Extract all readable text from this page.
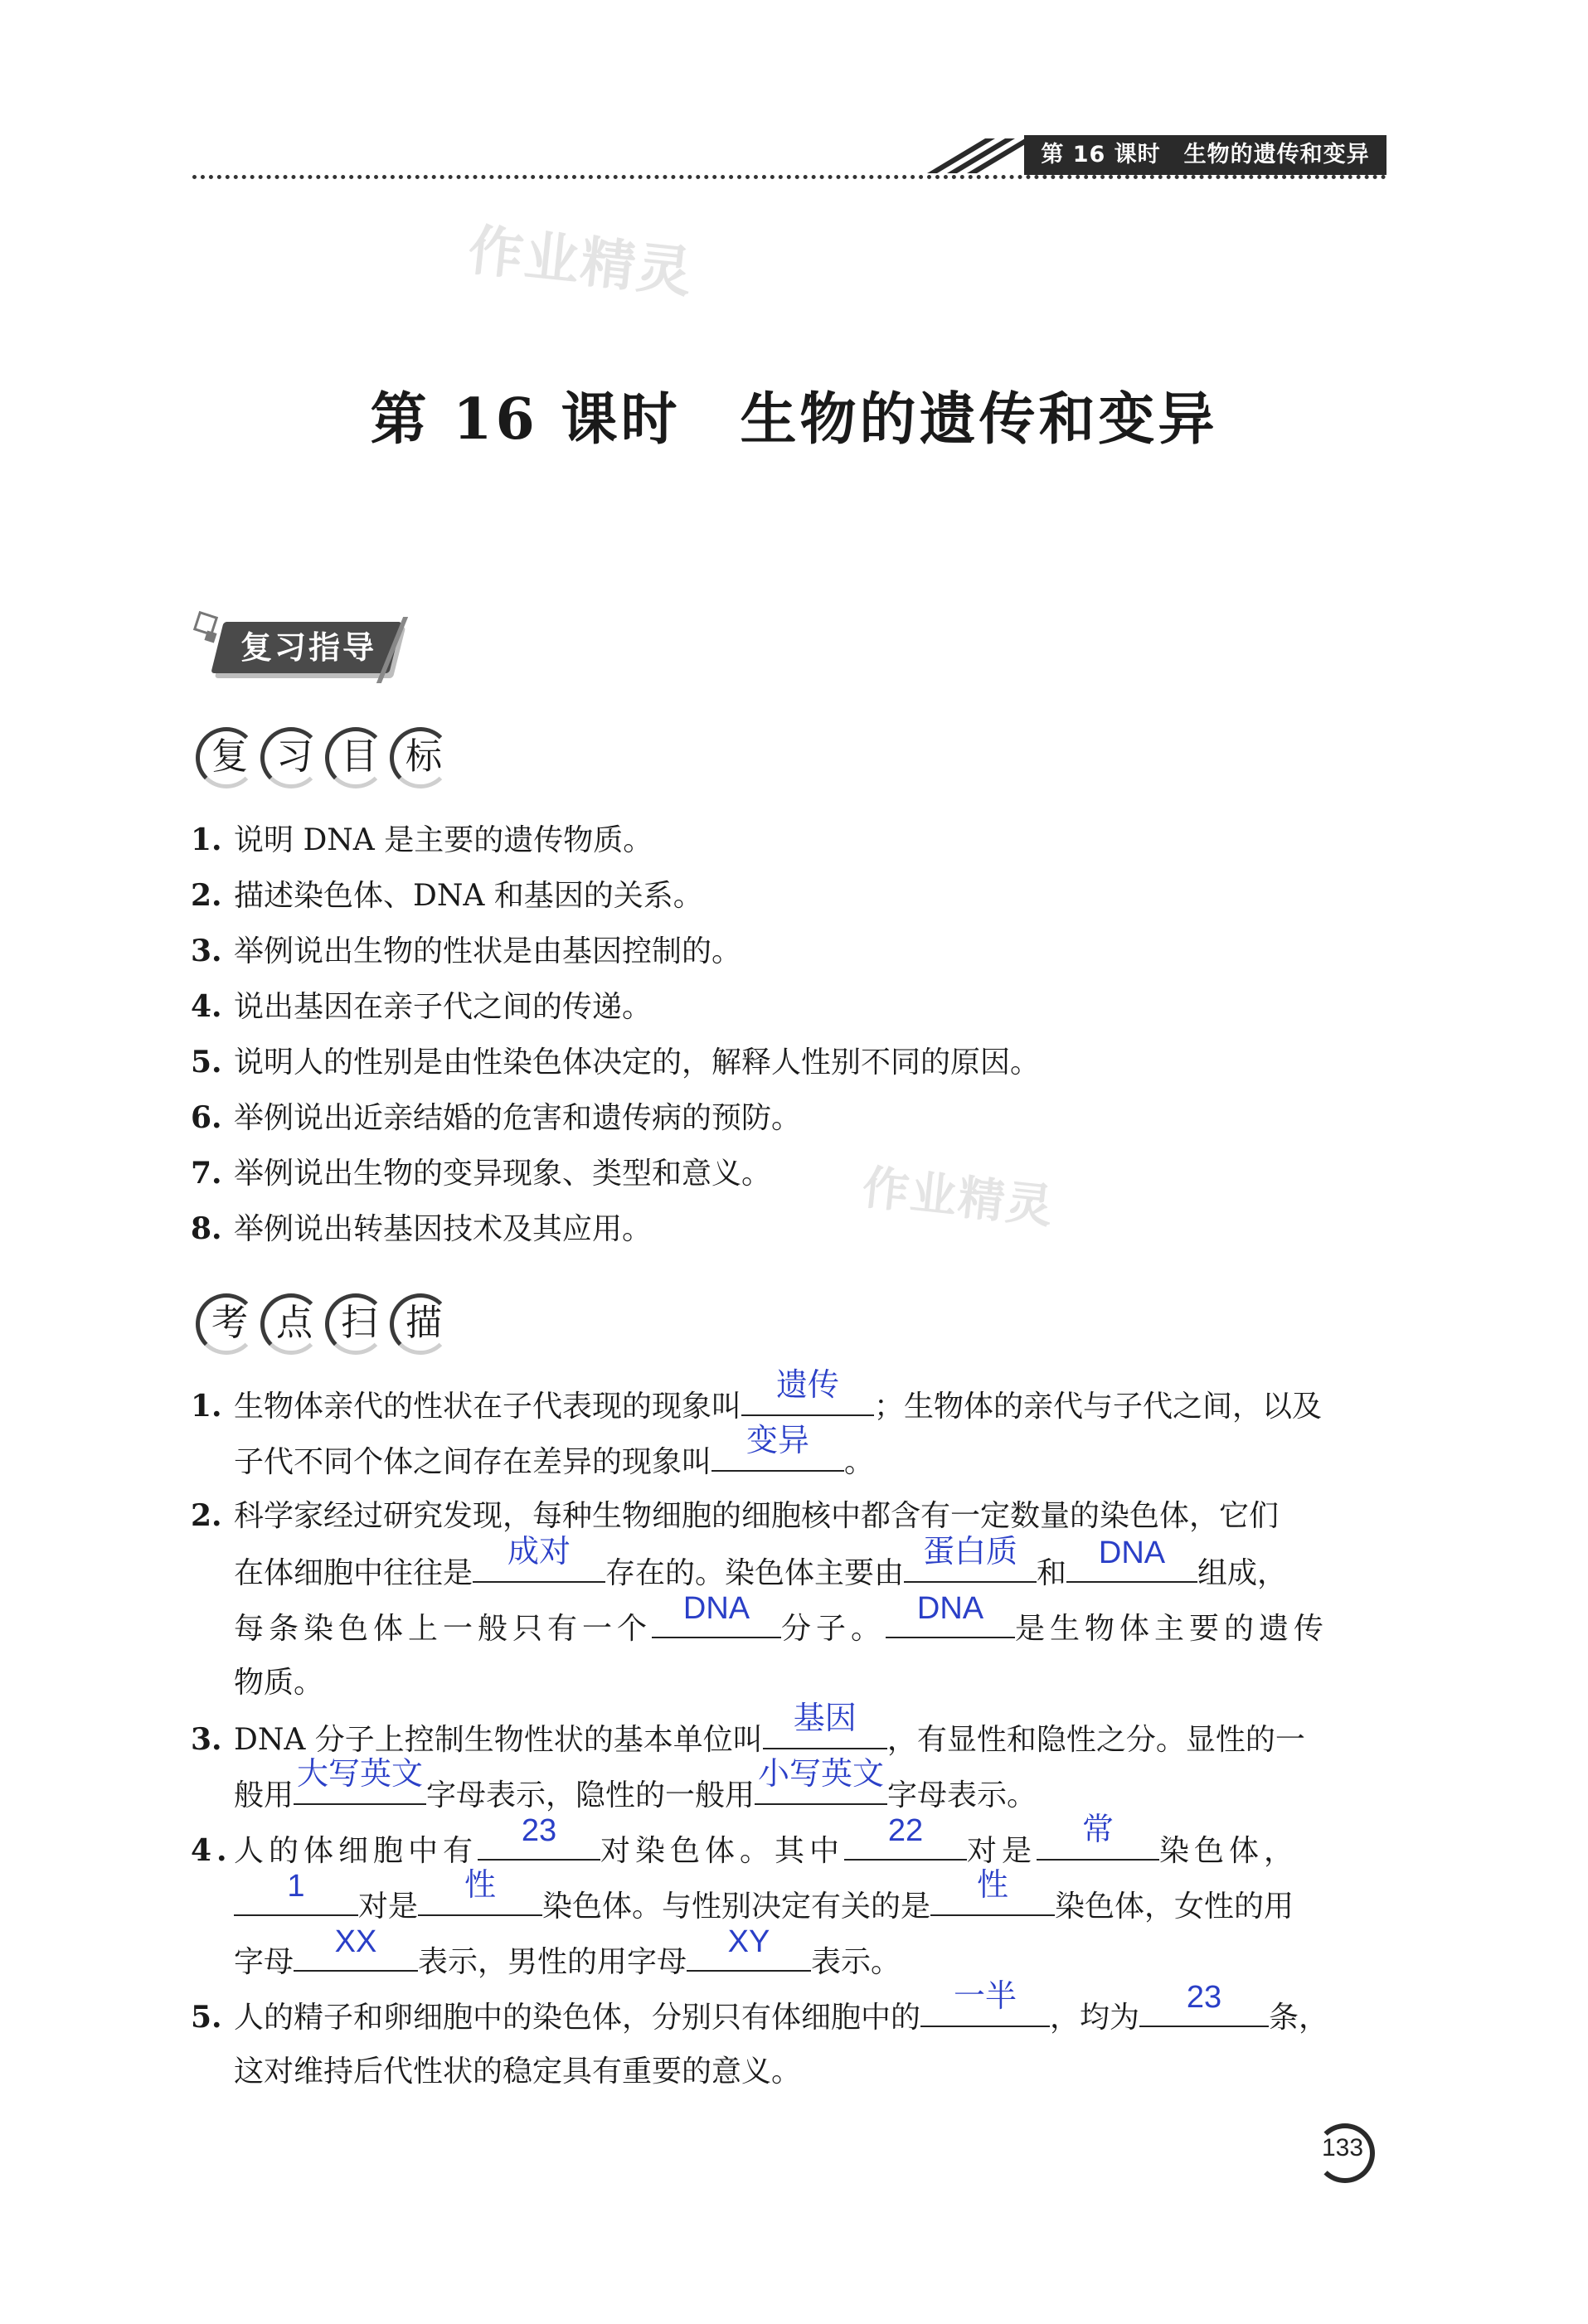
第 16 课时　生物的遗传和变异
作业精灵
作业精灵
第 16 课时　生物的遗传和变异
复习指导
复 习 目 标
1. 说明 DNA 是主要的遗传物质。
2. 描述染色体、DNA 和基因的关系。
3. 举例说出生物的性状是由基因控制的。
4. 说出基因在亲子代之间的传递。
5. 说明人的性别是由性染色体决定的，解释人性别不同的原因。
6. 举例说出近亲结婚的危害和遗传病的预防。
7. 举例说出生物的变异现象、类型和意义。
8. 举例说出转基因技术及其应用。
考 点 扫 描
1. 生物体亲代的性状在子代表现的现象叫
遗传
；生物体的亲代与子代之间，以及
子代不同个体之间存在差异的现象叫
变异
。
2. 科学家经过研究发现，每种生物细胞的细胞核中都含有一定数量的染色体，它们
在体细胞中往往是
成对
存在的。染色体主要由
蛋白质
和
DNA
组成，
每条染色体上一般只有一个
DNA
分子。
DNA
是生物体主要的遗传
物质。
3. DNA 分子上控制生物性状的基本单位叫
基因
，有显性和隐性之分。显性的一
般用
大写英文
字母表示，隐性的一般用
小写英文
字母表示。
4.人的体细胞中有
23
对染色体。其中
22
对是
常
染色体，
1
对是
性
染色体。与性别决定有关的是
性
染色体，女性的用
字母
XX
表示，男性的用字母
XY
表示。
5. 人的精子和卵细胞中的染色体，分别只有体细胞中的
一半
，均为
23
条，
这对维持后代性状的稳定具有重要的意义。
133
